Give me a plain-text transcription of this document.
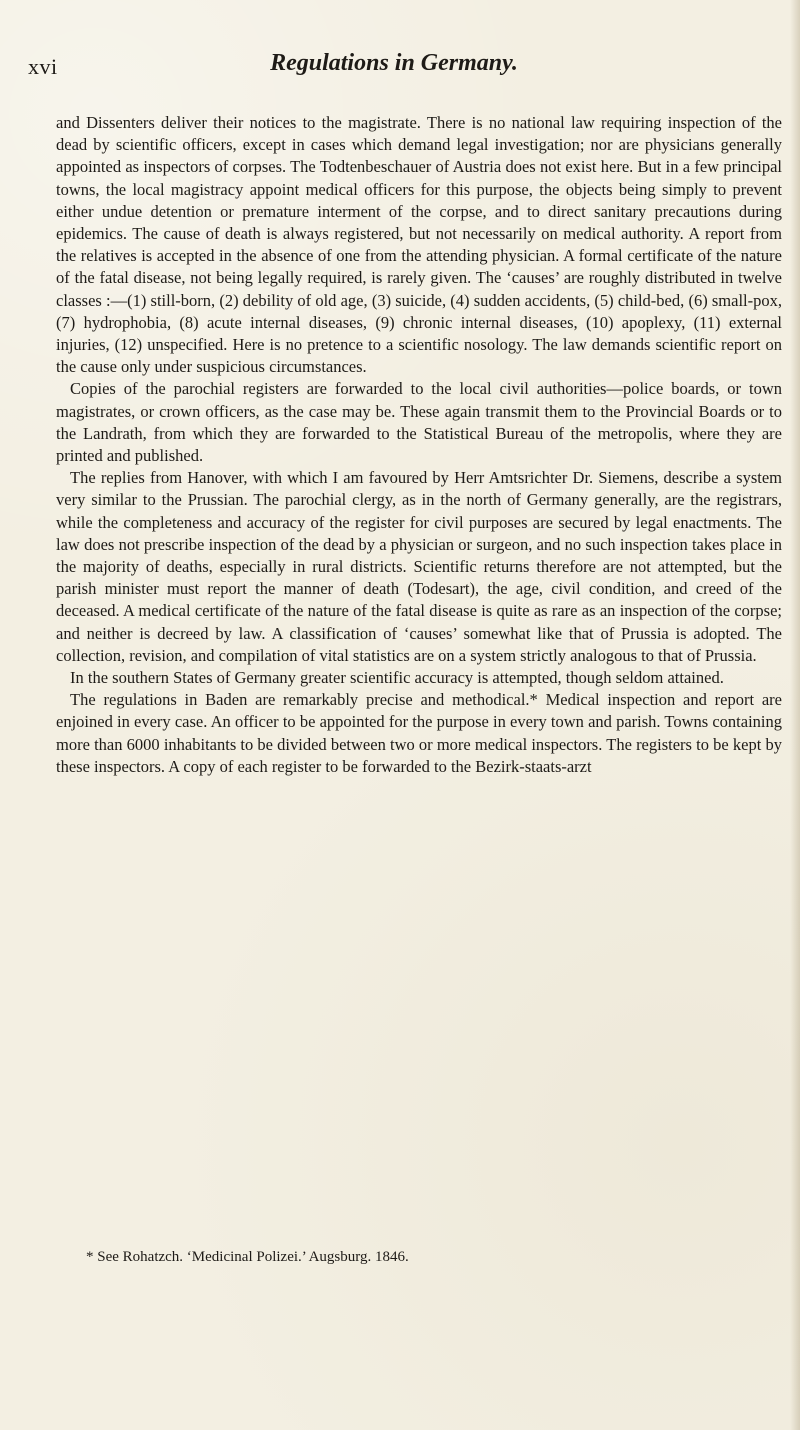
xvi	Regulations in Germany.

and Dissenters deliver their notices to the magistrate. There is no national law requiring inspection of the dead by scientific officers, except in cases which demand legal investigation; nor are physicians generally appointed as inspectors of corpses. The Todtenbeschauer of Austria does not exist here. But in a few principal towns, the local magistracy appoint medical officers for this purpose, the objects being simply to prevent either undue detention or premature interment of the corpse, and to direct sanitary precautions during epidemics. The cause of death is always registered, but not necessarily on medical authority. A report from the relatives is accepted in the absence of one from the attending physician. A formal certificate of the nature of the fatal disease, not being legally required, is rarely given. The ‘causes’ are roughly distributed in twelve classes :—(1) still-born, (2) debility of old age, (3) suicide, (4) sudden accidents, (5) child-bed, (6) small-pox, (7) hydrophobia, (8) acute internal diseases, (9) chronic internal diseases, (10) apoplexy, (11) external injuries, (12) unspecified. Here is no pretence to a scientific nosology. The law demands scientific report on the cause only under suspicious circumstances.

Copies of the parochial registers are forwarded to the local civil authorities—police boards, or town magistrates, or crown officers, as the case may be. These again transmit them to the Provincial Boards or to the Landrath, from which they are forwarded to the Statistical Bureau of the metropolis, where they are printed and published.

The replies from Hanover, with which I am favoured by Herr Amtsrichter Dr. Siemens, describe a system very similar to the Prussian. The parochial clergy, as in the north of Germany generally, are the registrars, while the completeness and accuracy of the register for civil purposes are secured by legal enactments. The law does not prescribe inspection of the dead by a physician or surgeon, and no such inspection takes place in the majority of deaths, especially in rural districts. Scientific returns therefore are not attempted, but the parish minister must report the manner of death (Todesart), the age, civil condition, and creed of the deceased. A medical certificate of the nature of the fatal disease is quite as rare as an inspection of the corpse; and neither is decreed by law. A classification of ‘causes’ somewhat like that of Prussia is adopted. The collection, revision, and compilation of vital statistics are on a system strictly analogous to that of Prussia.

In the southern States of Germany greater scientific accuracy is attempted, though seldom attained.

The regulations in Baden are remarkably precise and methodical.* Medical inspection and report are enjoined in every case. An officer to be appointed for the purpose in every town and parish. Towns containing more than 6000 inhabitants to be divided between two or more medical inspectors. The registers to be kept by these inspectors. A copy of each register to be forwarded to the Bezirk-staats-arzt

* See Rohatzch. ‘Medicinal Polizei.’ Augsburg. 1846.
